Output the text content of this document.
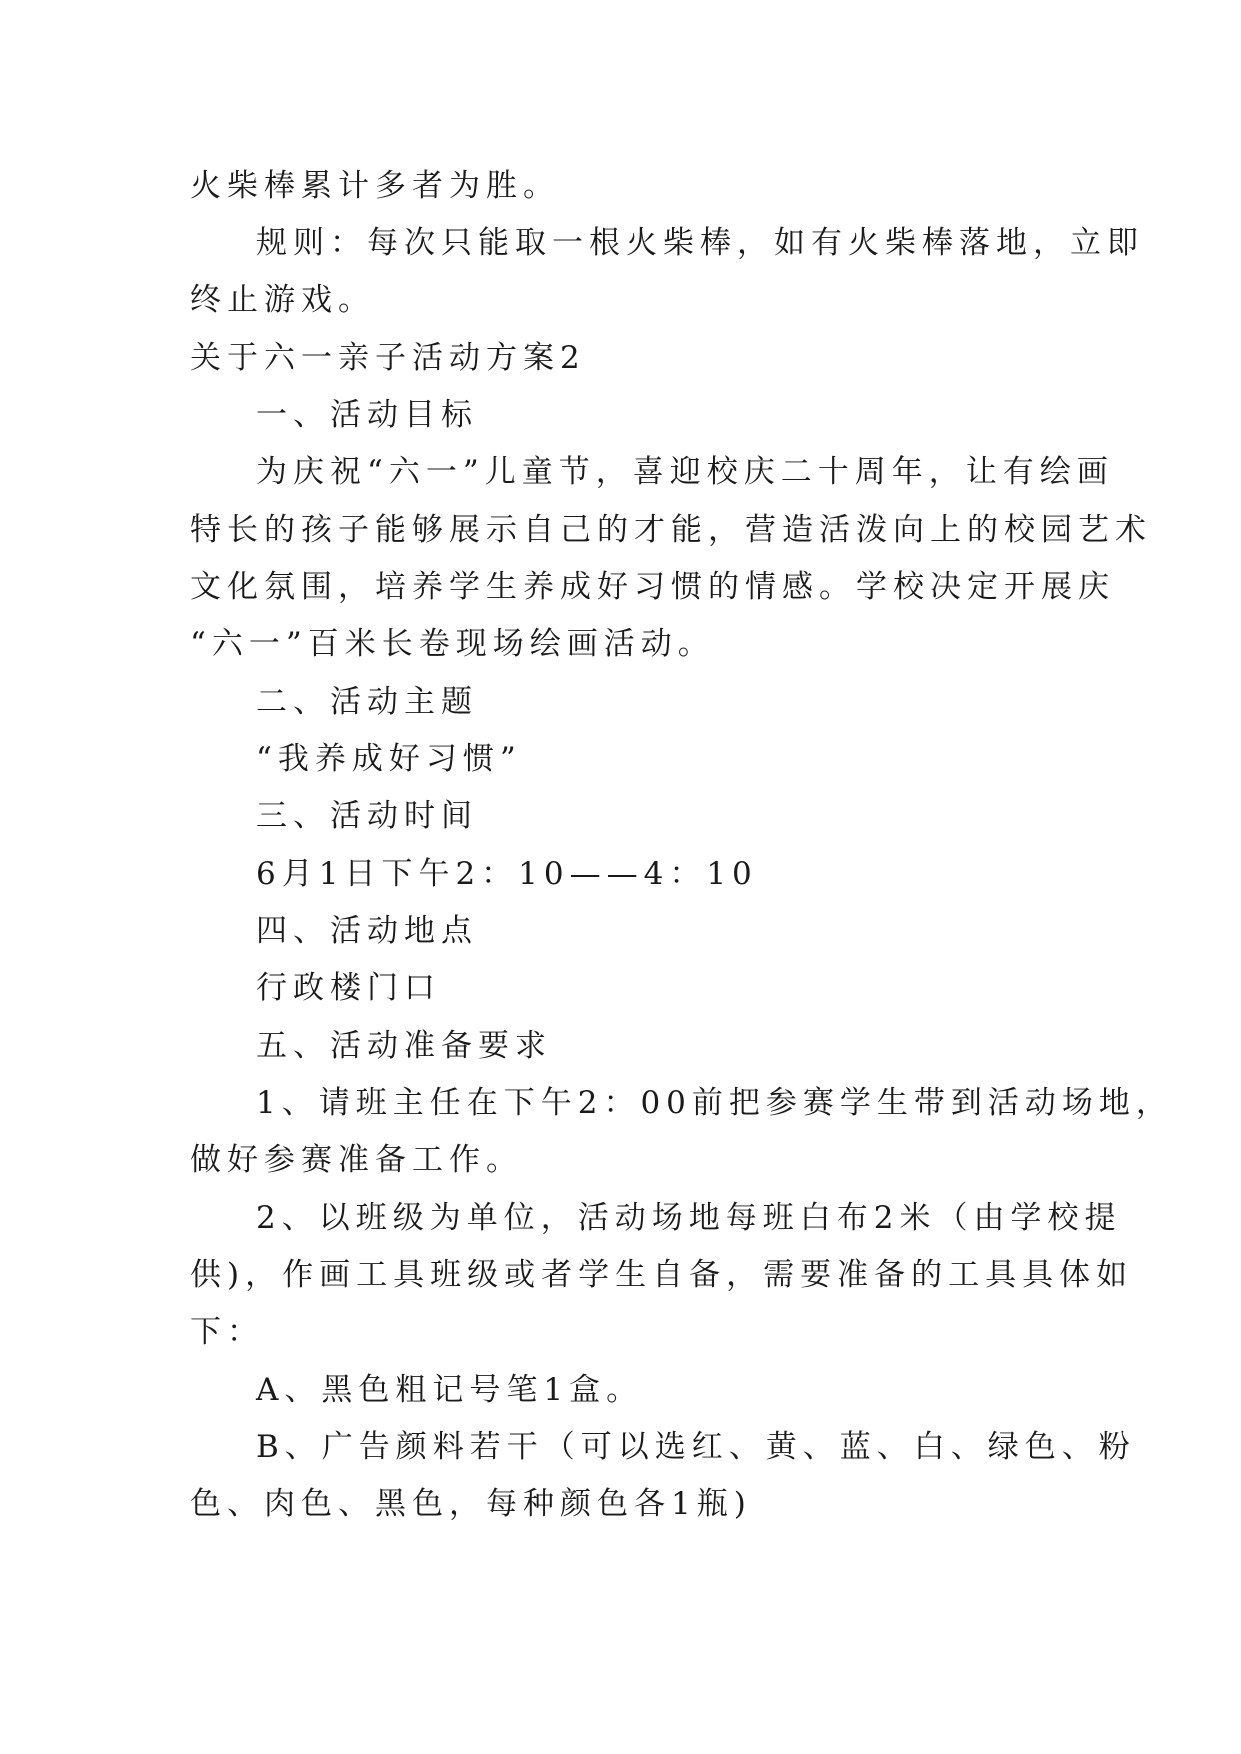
火柴棒累计多者为胜。
规则：每次只能取一根火柴棒，如有火柴棒落地，立即
终止游戏。
关于六一亲子活动方案2
一、活动目标
为庆祝“六一”儿童节，喜迎校庆二十周年，让有绘画
特长的孩子能够展示自己的才能，营造活泼向上的校园艺术
文化氛围，培养学生养成好习惯的情感。学校决定开展庆
“六一”百米长卷现场绘画活动。
二、活动主题
“我养成好习惯”
三、活动时间
6月1日下午2：10——4：10
四、活动地点
行政楼门口
五、活动准备要求
1、请班主任在下午2：00前把参赛学生带到活动场地，
做好参赛准备工作。
2、以班级为单位，活动场地每班白布2米（由学校提
供)，作画工具班级或者学生自备，需要准备的工具具体如
下：
A、黑色粗记号笔1盒。
B、广告颜料若干（可以选红、黄、蓝、白、绿色、粉
色、肉色、黑色，每种颜色各1瓶)
